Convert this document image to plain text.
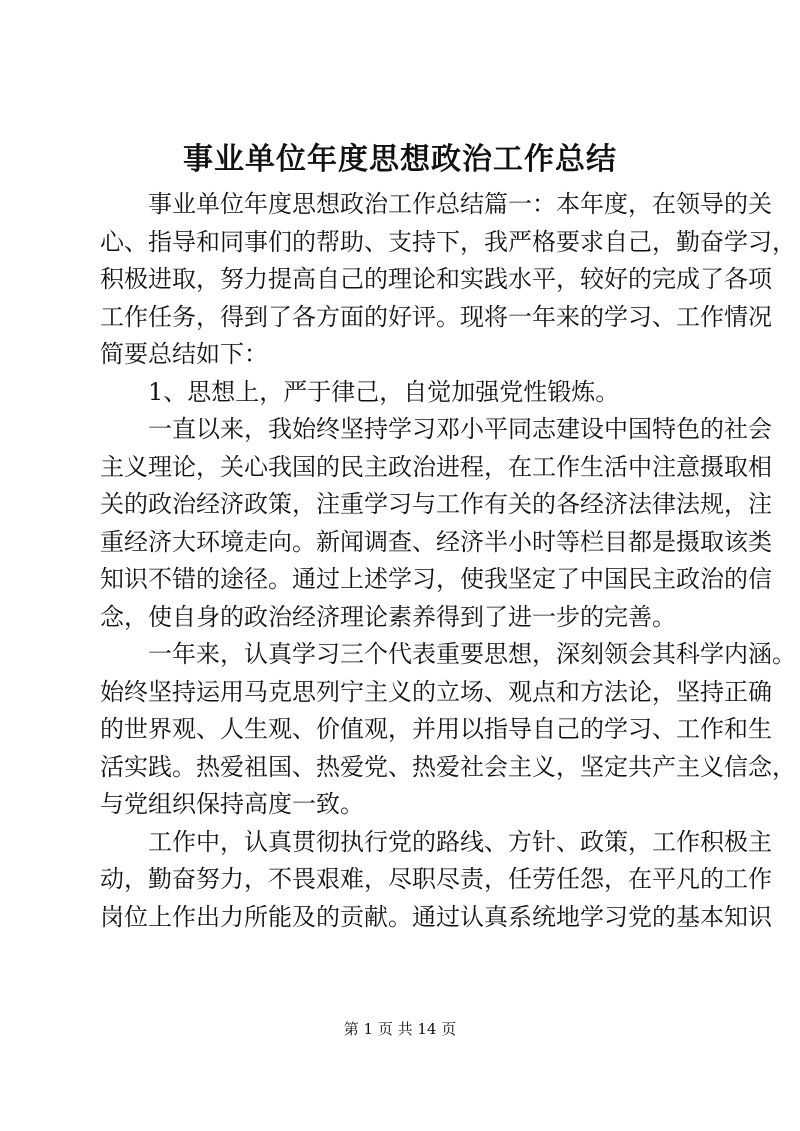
事业单位年度思想政治工作总结

事业单位年度思想政治工作总结篇一：本年度，在领导的关
心、指导和同事们的帮助、支持下，我严格要求自己，勤奋学习，
积极进取，努力提高自己的理论和实践水平，较好的完成了各项
工作任务，得到了各方面的好评。现将一年来的学习、工作情况
简要总结如下：

1、思想上，严于律己，自觉加强党性锻炼。

一直以来，我始终坚持学习邓小平同志建设中国特色的社会
主义理论，关心我国的民主政治进程，在工作生活中注意摄取相
关的政治经济政策，注重学习与工作有关的各经济法律法规，注
重经济大环境走向。新闻调查、经济半小时等栏目都是摄取该类
知识不错的途径。通过上述学习，使我坚定了中国民主政治的信
念，使自身的政治经济理论素养得到了进一步的完善。

一年来，认真学习三个代表重要思想，深刻领会其科学内涵。
始终坚持运用马克思列宁主义的立场、观点和方法论，坚持正确
的世界观、人生观、价值观，并用以指导自己的学习、工作和生
活实践。热爱祖国、热爱党、热爱社会主义，坚定共产主义信念，
与党组织保持高度一致。

工作中，认真贯彻执行党的路线、方针、政策，工作积极主
动，勤奋努力，不畏艰难，尽职尽责，任劳任怨，在平凡的工作
岗位上作出力所能及的贡献。通过认真系统地学习党的基本知识

第 1 页 共 14 页
